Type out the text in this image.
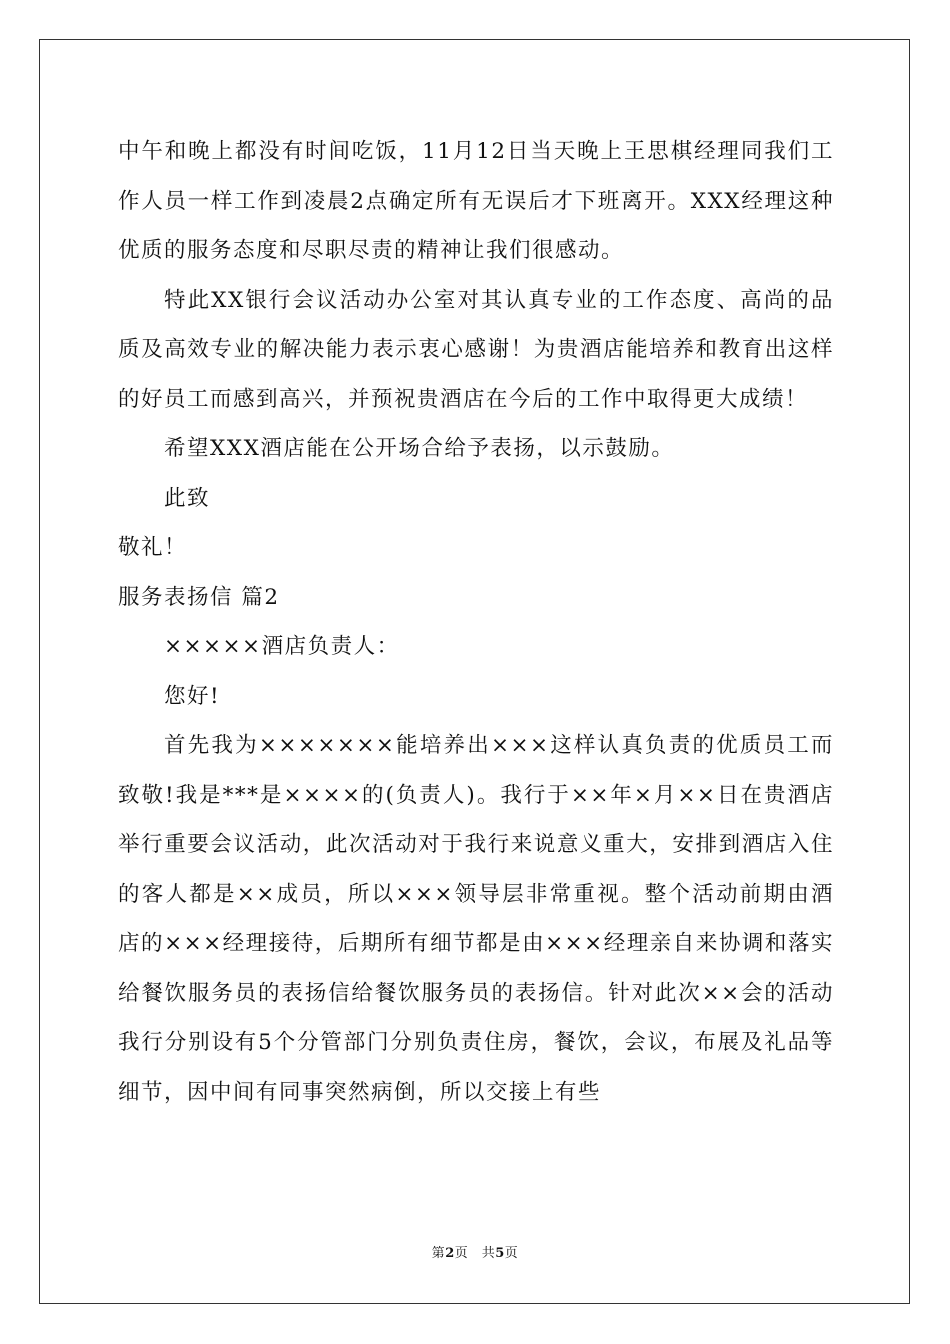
中午和晚上都没有时间吃饭，11月12日当天晚上王思棋经理同我们工作人员一样工作到凌晨2点确定所有无误后才下班离开。XXX经理这种优质的服务态度和尽职尽责的精神让我们很感动。

特此XX银行会议活动办公室对其认真专业的工作态度、高尚的品质及高效专业的解决能力表示衷心感谢！为贵酒店能培养和教育出这样的好员工而感到高兴，并预祝贵酒店在今后的工作中取得更大成绩！

希望XXX酒店能在公开场合给予表扬，以示鼓励。

此致

敬礼！

服务表扬信 篇2

×××××酒店负责人：

您好!

首先我为×××××××能培养出×××这样认真负责的优质员工而致敬!我是***是××××的(负责人)。我行于××年×月××日在贵酒店举行重要会议活动，此次活动对于我行来说意义重大，安排到酒店入住的客人都是××成员，所以×××领导层非常重视。整个活动前期由酒店的×××经理接待，后期所有细节都是由×××经理亲自来协调和落实给餐饮服务员的表扬信给餐饮服务员的表扬信。针对此次××会的活动我行分别设有5个分管部门分别负责住房，餐饮，会议，布展及礼品等细节，因中间有同事突然病倒，所以交接上有些

第2页　共5页
